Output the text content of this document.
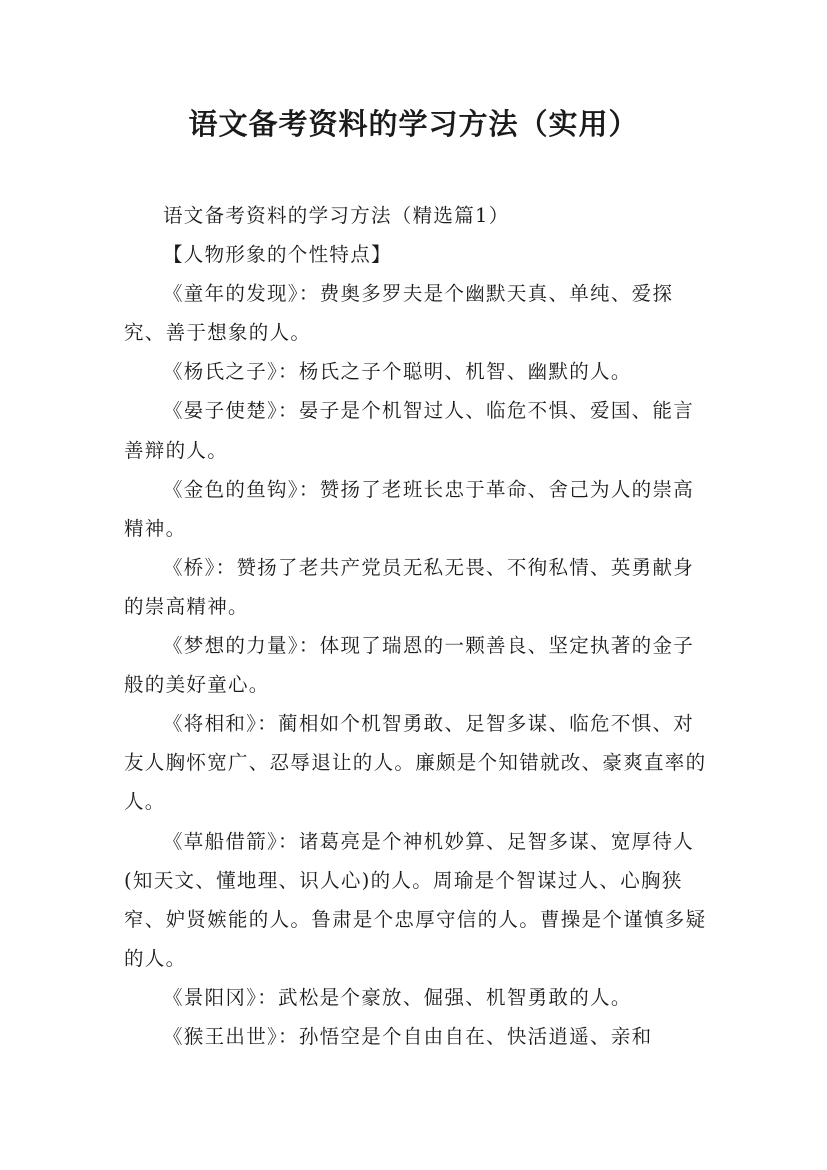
语文备考资料的学习方法（实用）

语文备考资料的学习方法（精选篇1）

【人物形象的个性特点】

《童年的发现》：费奥多罗夫是个幽默天真、单纯、爱探究、善于想象的人。

《杨氏之子》：杨氏之子个聪明、机智、幽默的人。

《晏子使楚》：晏子是个机智过人、临危不惧、爱国、能言善辩的人。

《金色的鱼钩》：赞扬了老班长忠于革命、舍己为人的崇高精神。

《桥》：赞扬了老共产党员无私无畏、不徇私情、英勇献身的崇高精神。

《梦想的力量》：体现了瑞恩的一颗善良、坚定执著的金子般的美好童心。

《将相和》：蔺相如个机智勇敢、足智多谋、临危不惧、对友人胸怀宽广、忍辱退让的人。廉颇是个知错就改、豪爽直率的人。

《草船借箭》：诸葛亮是个神机妙算、足智多谋、宽厚待人(知天文、懂地理、识人心)的人。周瑜是个智谋过人、心胸狭窄、妒贤嫉能的人。鲁肃是个忠厚守信的人。曹操是个谨慎多疑的人。

《景阳冈》：武松是个豪放、倔强、机智勇敢的人。

《猴王出世》：孙悟空是个自由自在、快活逍遥、亲和
